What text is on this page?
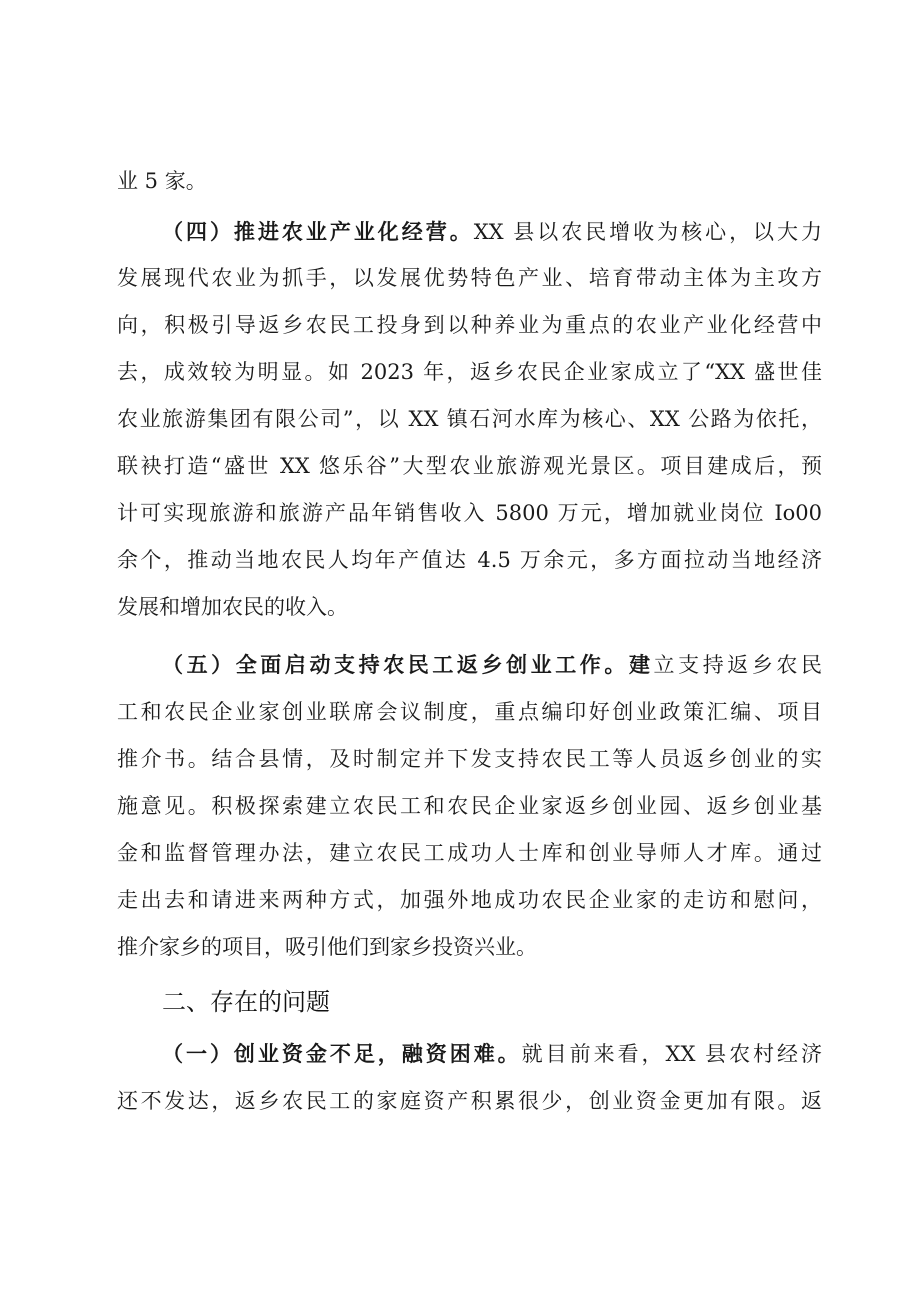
业 5 家。
（四）推进农业产业化经营。XX 县以农民增收为核心，以大力
发展现代农业为抓手，以发展优势特色产业、培育带动主体为主攻方
向，积极引导返乡农民工投身到以种养业为重点的农业产业化经营中
去，成效较为明显。如 2023 年，返乡农民企业家成立了“XX 盛世佳
农业旅游集团有限公司”，以 XX 镇石河水库为核心、XX 公路为依托，
联袂打造“盛世 XX 悠乐谷”大型农业旅游观光景区。项目建成后，预
计可实现旅游和旅游产品年销售收入 5800 万元，增加就业岗位 Io00
余个，推动当地农民人均年产值达 4.5 万余元，多方面拉动当地经济
发展和增加农民的收入。
（五）全面启动支持农民工返乡创业工作。建立支持返乡农民
工和农民企业家创业联席会议制度，重点编印好创业政策汇编、项目
推介书。结合县情，及时制定并下发支持农民工等人员返乡创业的实
施意见。积极探索建立农民工和农民企业家返乡创业园、返乡创业基
金和监督管理办法，建立农民工成功人士库和创业导师人才库。通过
走出去和请进来两种方式，加强外地成功农民企业家的走访和慰问，
推介家乡的项目，吸引他们到家乡投资兴业。
二、存在的问题
（一）创业资金不足，融资困难。就目前来看，XX 县农村经济
还不发达，返乡农民工的家庭资产积累很少，创业资金更加有限。返
